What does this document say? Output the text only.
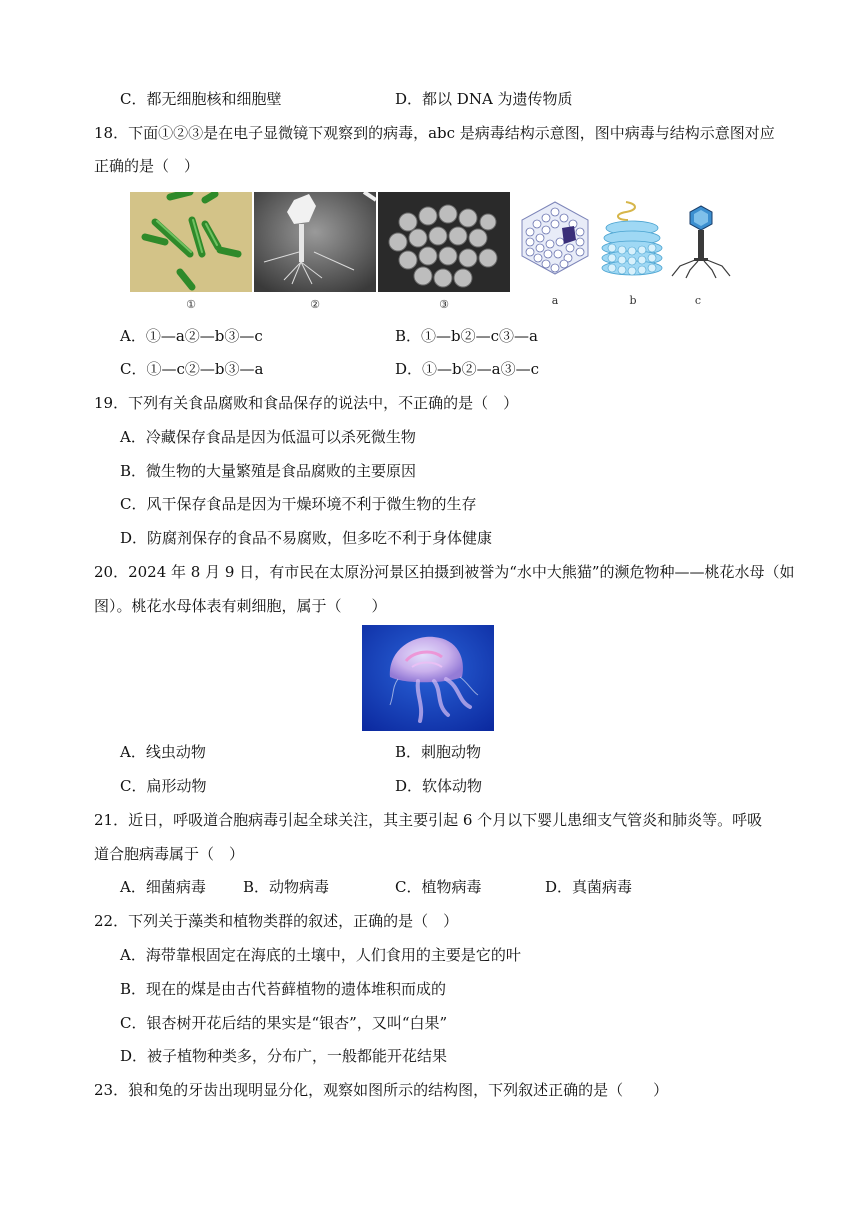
C．都无细胞核和细胞壁	D．都以 DNA 为遗传物质
18．下面①②③是在电子显微镜下观察到的病毒，abc 是病毒结构示意图，图中病毒与结构示意图对应
正确的是（　）
①	②	③	a	b	c
A．①—a②—b③—c	B．①—b②—c③—a
C．①—c②—b③—a	D．①—b②—a③—c
19．下列有关食品腐败和食品保存的说法中，不正确的是（　）
A．冷藏保存食品是因为低温可以杀死微生物
B．微生物的大量繁殖是食品腐败的主要原因
C．风干保存食品是因为干燥环境不利于微生物的生存
D．防腐剂保存的食品不易腐败，但多吃不利于身体健康
20．2024 年 8 月 9 日，有市民在太原汾河景区拍摄到被誉为“水中大熊猫”的濒危物种——桃花水母（如
图）。桃花水母体表有刺细胞，属于（　　）
A．线虫动物	B．刺胞动物
C．扁形动物	D．软体动物
21．近日，呼吸道合胞病毒引起全球关注，其主要引起 6 个月以下婴儿患细支气管炎和肺炎等。呼吸
道合胞病毒属于（　）
A．细菌病毒 B．动物病毒	C．植物病毒	D．真菌病毒
22．下列关于藻类和植物类群的叙述，正确的是（　）
A．海带靠根固定在海底的土壤中，人们食用的主要是它的叶
B．现在的煤是由古代苔藓植物的遗体堆积而成的
C．银杏树开花后结的果实是“银杏”，又叫“白果”
D．被子植物种类多，分布广，一般都能开花结果
23．狼和兔的牙齿出现明显分化，观察如图所示的结构图，下列叙述正确的是（　　）
